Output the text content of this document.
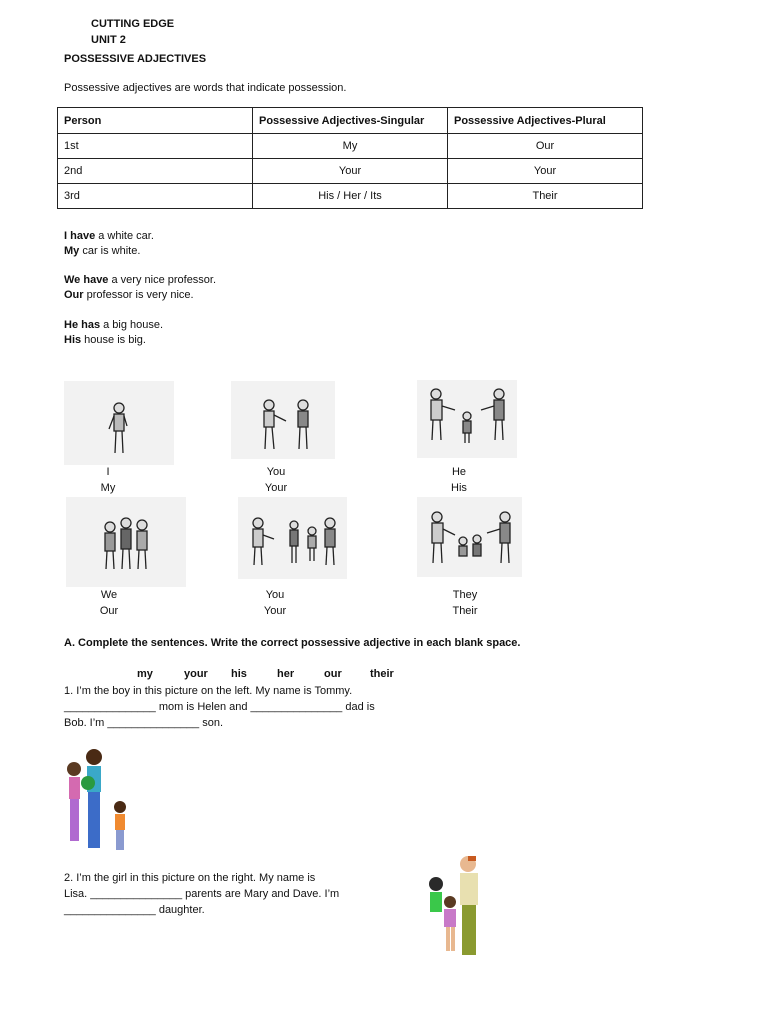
CUTTING EDGE
UNIT 2
POSSESSIVE ADJECTIVES
Possessive adjectives are words that indicate possession.
Person	Possessive Adjectives-Singular	Possessive Adjectives-Plural
1st	My	Our
2nd	Your	Your
3rd	His / Her / Its	Their
I have a white car.
My car is white.
We have a very nice professor.
Our professor is very nice.
He has a big house.
His house is big.
I
My
You
Your
He
His
We
Our
You
Your
They
Their
A. Complete the sentences. Write the correct possessive adjective in each blank space.
my	your his	her	our	their
1. I’m the boy in this picture on the left. My name is Tommy.
_______________ mom is Helen and _______________ dad is
Bob. I’m _______________ son.
2. I’m the girl in this picture on the right. My name is
Lisa. _______________ parents are Mary and Dave. I’m
_______________ daughter.
